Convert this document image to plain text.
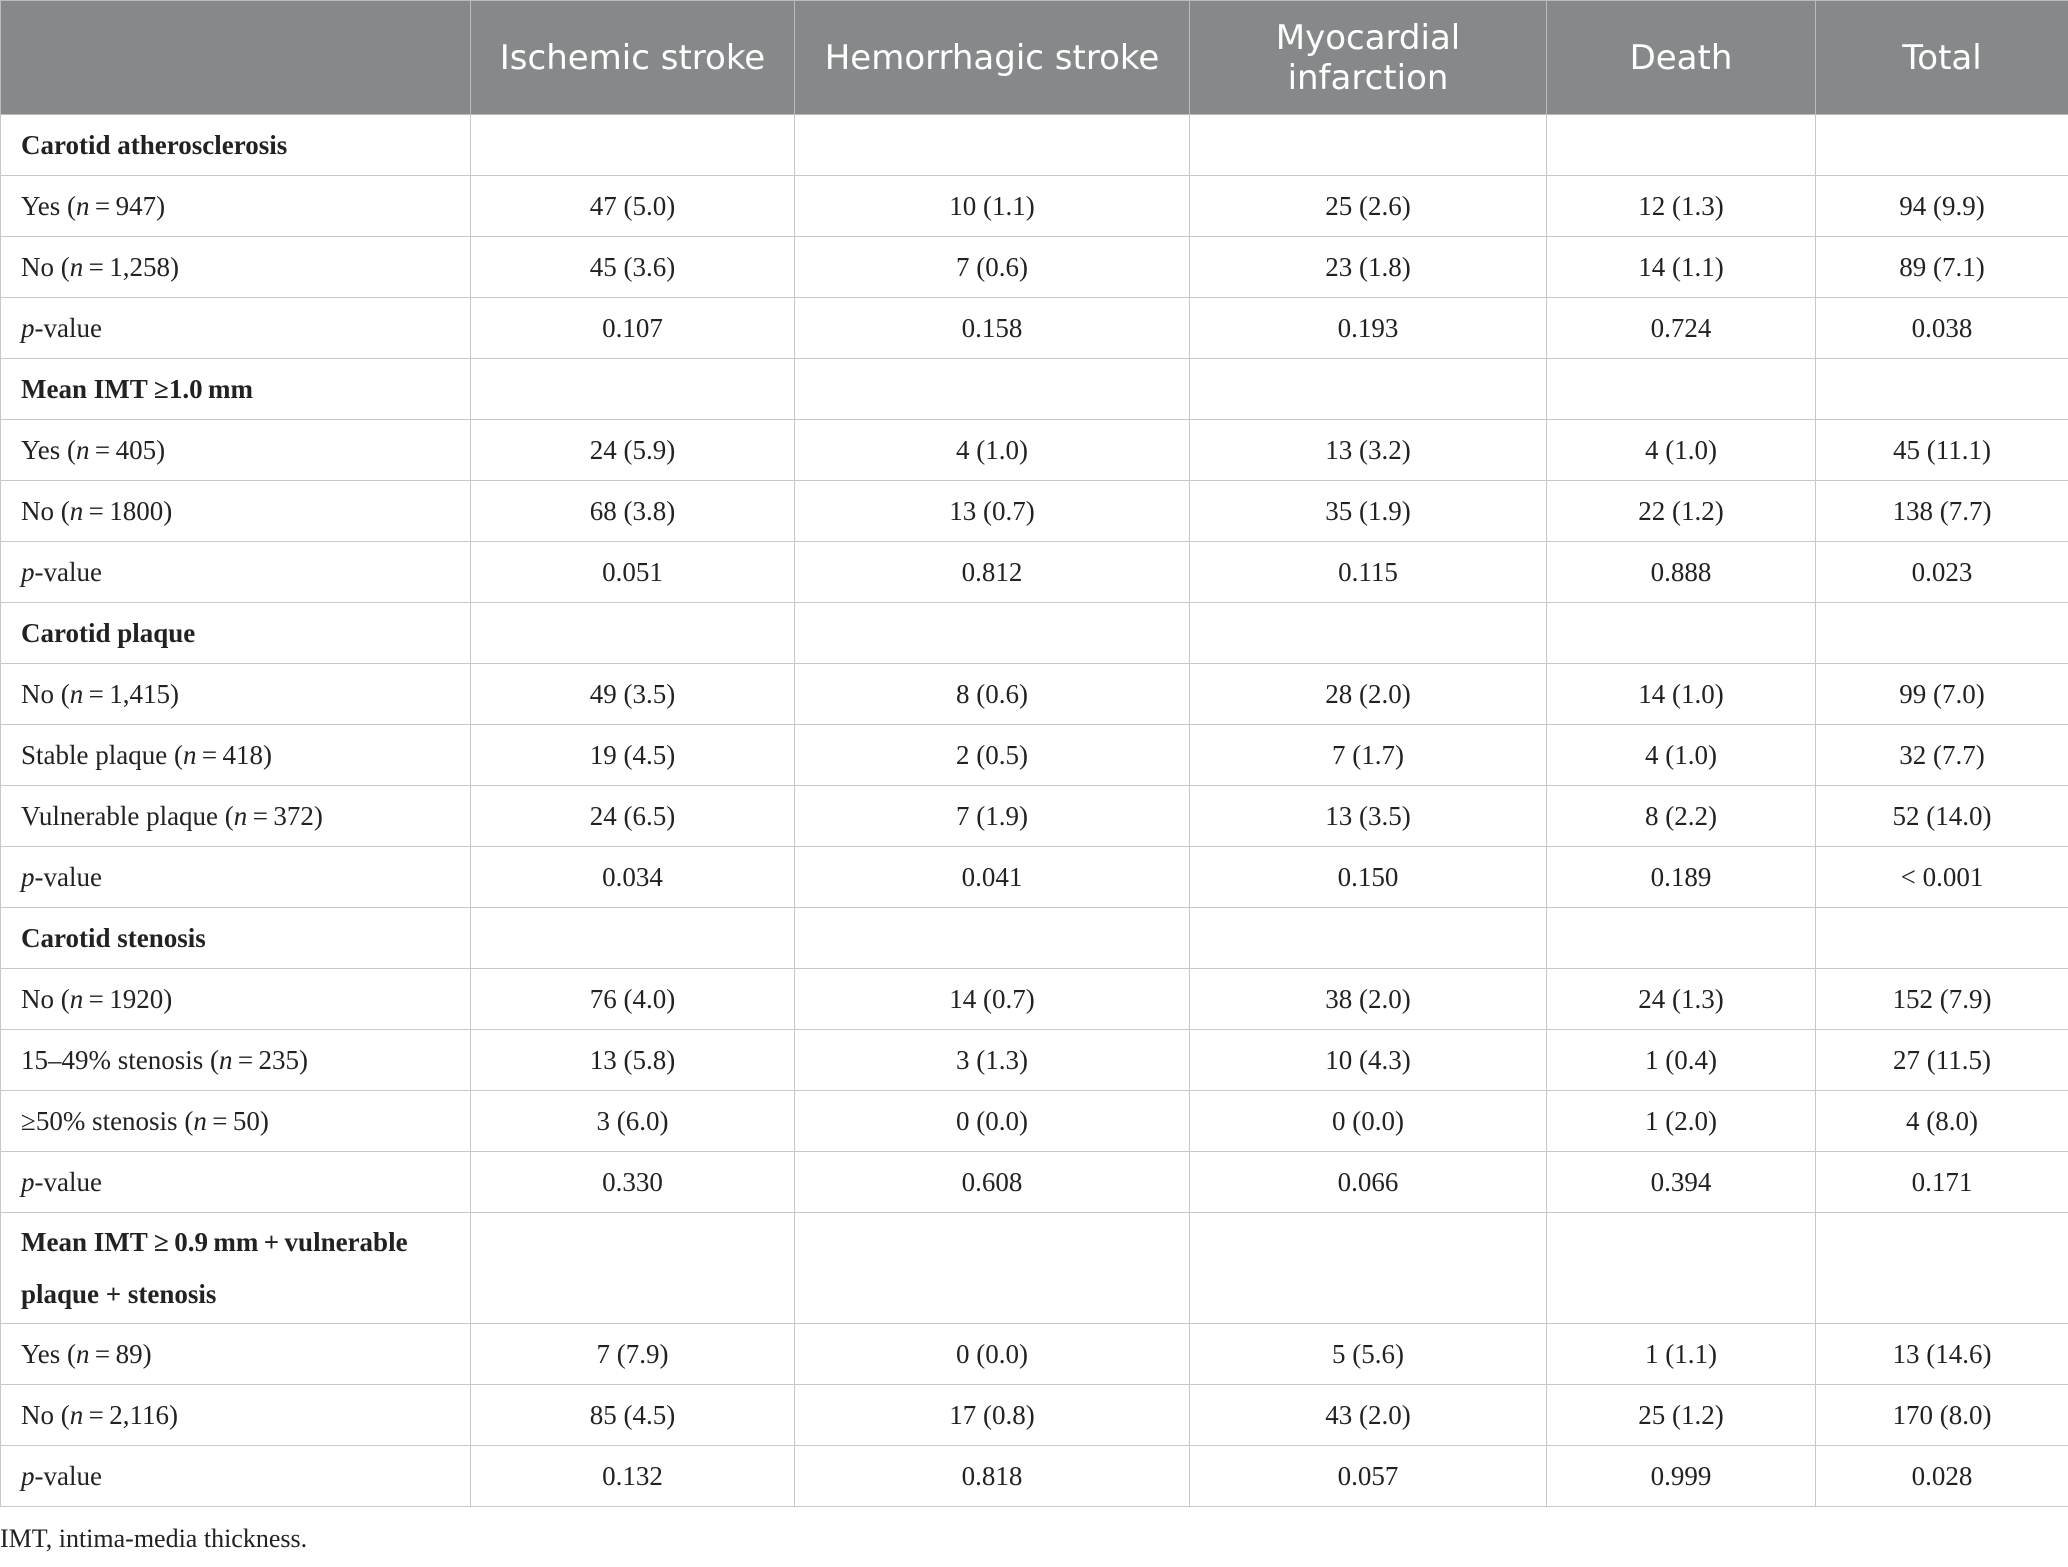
	Ischemic stroke	Hemorrhagic stroke	Myocardial infarction	Death	Total
Carotid atherosclerosis					
Yes (n = 947)	47 (5.0)	10 (1.1)	25 (2.6)	12 (1.3)	94 (9.9)
No (n = 1,258)	45 (3.6)	7 (0.6)	23 (1.8)	14 (1.1)	89 (7.1)
p-value	0.107	0.158	0.193	0.724	0.038
Mean IMT ≥1.0 mm					
Yes (n = 405)	24 (5.9)	4 (1.0)	13 (3.2)	4 (1.0)	45 (11.1)
No (n = 1800)	68 (3.8)	13 (0.7)	35 (1.9)	22 (1.2)	138 (7.7)
p-value	0.051	0.812	0.115	0.888	0.023
Carotid plaque					
No (n = 1,415)	49 (3.5)	8 (0.6)	28 (2.0)	14 (1.0)	99 (7.0)
Stable plaque (n = 418)	19 (4.5)	2 (0.5)	7 (1.7)	4 (1.0)	32 (7.7)
Vulnerable plaque (n = 372)	24 (6.5)	7 (1.9)	13 (3.5)	8 (2.2)	52 (14.0)
p-value	0.034	0.041	0.150	0.189	< 0.001
Carotid stenosis					
No (n = 1920)	76 (4.0)	14 (0.7)	38 (2.0)	24 (1.3)	152 (7.9)
15–49% stenosis (n = 235)	13 (5.8)	3 (1.3)	10 (4.3)	1 (0.4)	27 (11.5)
≥50% stenosis (n = 50)	3 (6.0)	0 (0.0)	0 (0.0)	1 (2.0)	4 (8.0)
p-value	0.330	0.608	0.066	0.394	0.171
Mean IMT ≥ 0.9 mm + vulnerable plaque + stenosis					
Yes (n = 89)	7 (7.9)	0 (0.0)	5 (5.6)	1 (1.1)	13 (14.6)
No (n = 2,116)	85 (4.5)	17 (0.8)	43 (2.0)	25 (1.2)	170 (8.0)
p-value	0.132	0.818	0.057	0.999	0.028
IMT, intima-media thickness.
